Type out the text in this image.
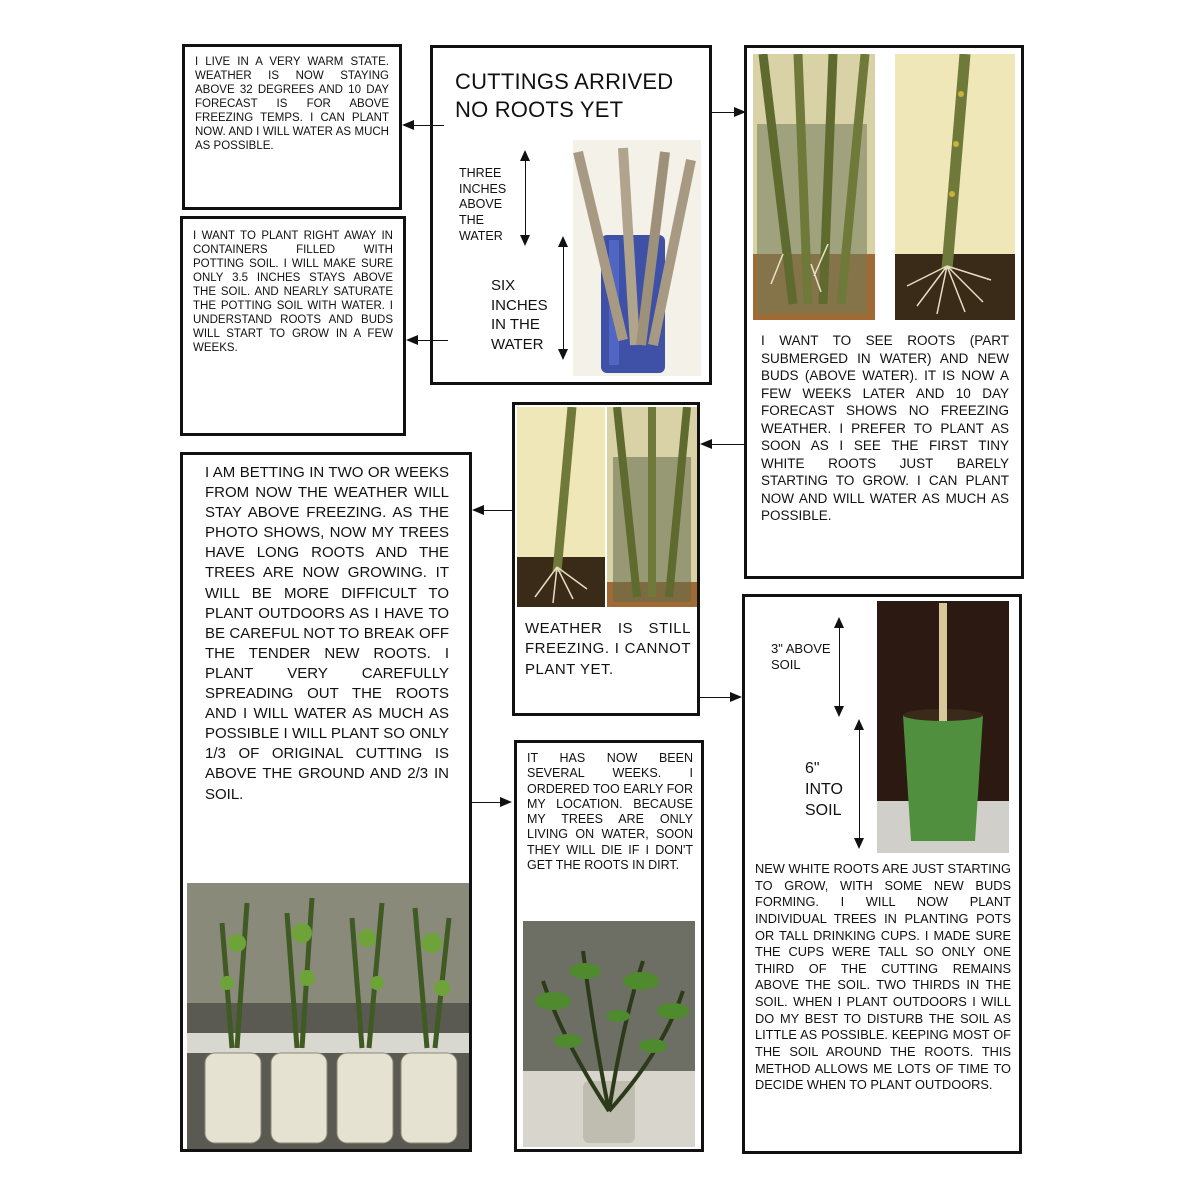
CUTTINGS ARRIVED
NO ROOTS YET
THREE INCHES ABOVE THE WATER
SIX INCHES IN THE WATER

I LIVE IN A VERY WARM STATE. WEATHER IS NOW STAYING ABOVE 32 DEGREES AND 10 DAY FORECAST IS FOR ABOVE FREEZING TEMPS. I CAN PLANT NOW. AND I WILL WATER AS MUCH AS POSSIBLE.

I WANT TO PLANT RIGHT AWAY IN CONTAINERS FILLED WITH POTTING SOIL. I WILL MAKE SURE ONLY 3.5 INCHES STAYS ABOVE THE SOIL. AND NEARLY SATURATE THE POTTING SOIL WITH WATER. I UNDERSTAND ROOTS AND BUDS WILL START TO GROW IN A FEW WEEKS.

I WANT TO SEE ROOTS (PART SUBMERGED IN WATER) AND NEW BUDS (ABOVE WATER). IT IS NOW A FEW WEEKS LATER AND 10 DAY FORECAST SHOWS NO FREEZING WEATHER. I PREFER TO PLANT AS SOON AS I SEE THE FIRST TINY WHITE ROOTS JUST BARELY STARTING TO GROW. I CAN PLANT NOW AND WILL WATER AS MUCH AS POSSIBLE.

WEATHER IS STILL FREEZING. I CANNOT PLANT YET.

I AM BETTING IN TWO OR WEEKS FROM NOW THE WEATHER WILL STAY ABOVE FREEZING. AS THE PHOTO SHOWS, NOW MY TREES HAVE LONG ROOTS AND THE TREES ARE NOW GROWING. IT WILL BE MORE DIFFICULT TO PLANT OUTDOORS AS I HAVE TO BE CAREFUL NOT TO BREAK OFF THE TENDER NEW ROOTS. I PLANT VERY CAREFULLY SPREADING OUT THE ROOTS AND I WILL WATER AS MUCH AS POSSIBLE I WILL PLANT SO ONLY 1/3 OF ORIGINAL CUTTING IS ABOVE THE GROUND AND 2/3 IN SOIL.

IT HAS NOW BEEN SEVERAL WEEKS. I ORDERED TOO EARLY FOR MY LOCATION. BECAUSE MY TREES ARE ONLY LIVING ON WATER, SOON THEY WILL DIE IF I DON'T GET THE ROOTS IN DIRT.

3" ABOVE SOIL
6" INTO SOIL

NEW WHITE ROOTS ARE JUST STARTING TO GROW, WITH SOME NEW BUDS FORMING. I WILL NOW PLANT INDIVIDUAL TREES IN PLANTING POTS OR TALL DRINKING CUPS. I MADE SURE THE CUPS WERE TALL SO ONLY ONE THIRD OF THE CUTTING REMAINS ABOVE THE SOIL. TWO THIRDS IN THE SOIL. WHEN I PLANT OUTDOORS I WILL DO MY BEST TO DISTURB THE SOIL AS LITTLE AS POSSIBLE. KEEPING MOST OF THE SOIL AROUND THE ROOTS. THIS METHOD ALLOWS ME LOTS OF TIME TO DECIDE WHEN TO PLANT OUTDOORS.
